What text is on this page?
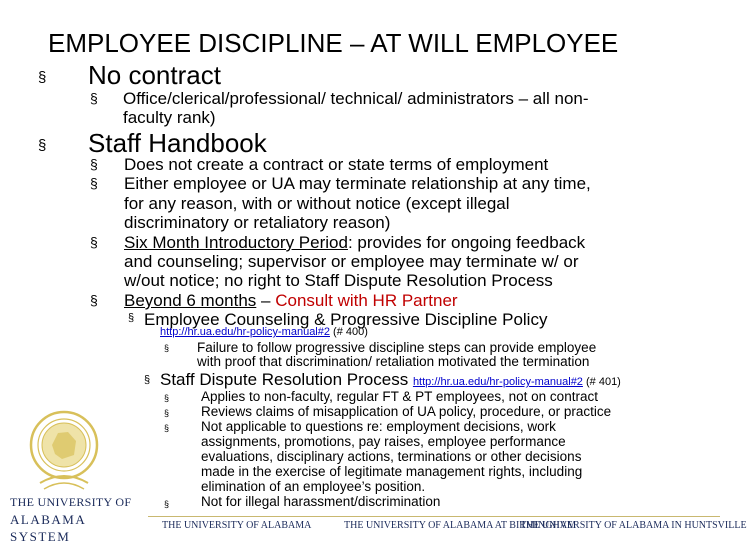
EMPLOYEE DISCIPLINE – AT WILL EMPLOYEE
§ No contract
§ Office/clerical/professional/ technical/ administrators – all non-
faculty rank)
§ Staff Handbook
§ Does not create a contract or state terms of employment
§ Either employee or UA may terminate relationship at any time,
for any reason, with or without notice (except illegal
discriminatory or retaliatory reason)
§ Six Month Introductory Period: provides for ongoing feedback
and counseling; supervisor or employee may terminate w/ or
w/out notice; no right to Staff Dispute Resolution Process
§ Beyond 6 months – Consult with HR Partner
§ Employee Counseling & Progressive Discipline Policy
http://hr.ua.edu/hr-policy-manual#2 (# 400)
§ Failure to follow progressive discipline steps can provide employee
with proof that discrimination/ retaliation motivated the termination
§ Staff Dispute Resolution Process http://hr.ua.edu/hr-policy-manual#2 (# 401)
§ Applies to non-faculty, regular FT & PT employees, not on contract
§ Reviews claims of misapplication of UA policy, procedure, or practice
§ Not applicable to questions re: employment decisions, work
assignments, promotions, pay raises, employee performance
evaluations, disciplinary actions, terminations or other decisions
made in the exercise of legitimate management rights, including
elimination of an employee’s position.
§ Not for illegal harassment/discrimination
THE UNIVERSITY OF
ALABAMA SYSTEM
THE UNIVERSITY OF ALABAMA	THE UNIVERSITY OF ALABAMA AT BIRMINGHAM
THE UNIVERSITY OF ALABAMA IN HUNTSVILLE
